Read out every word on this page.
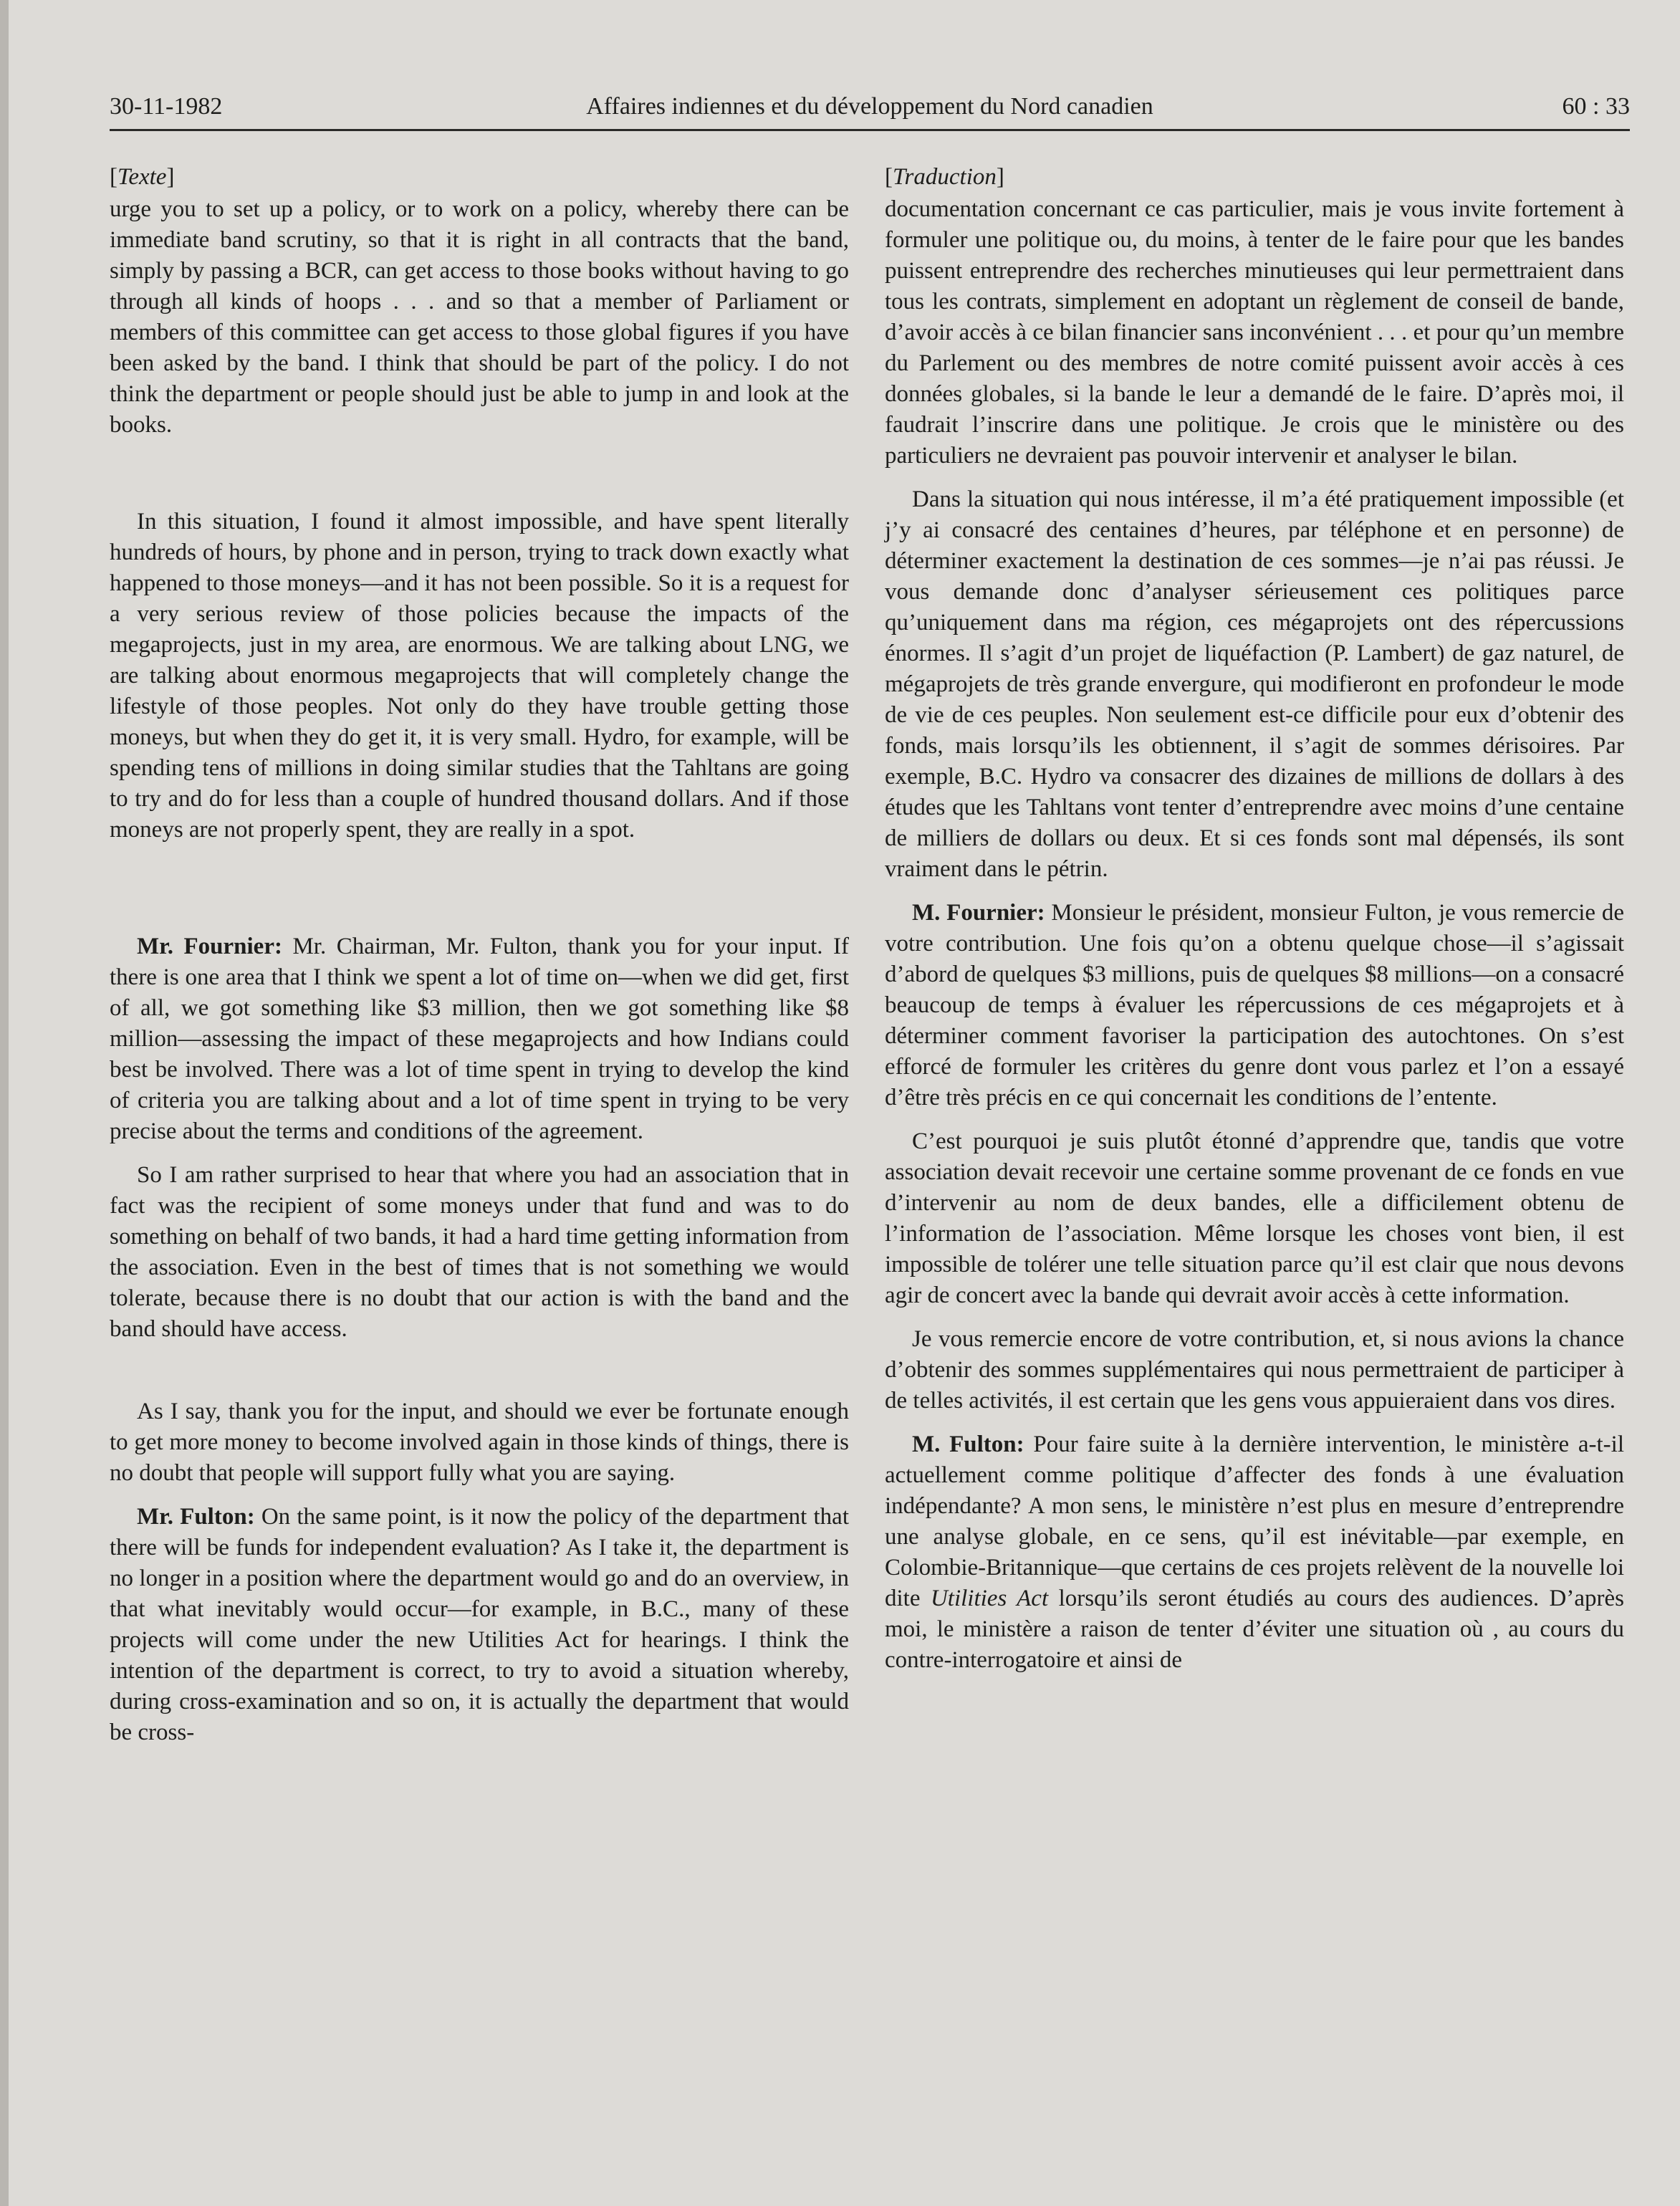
30-11-1982	Affaires indiennes et du développement du Nord canadien	60 : 33
[Texte]

urge you to set up a policy, or to work on a policy, whereby there can be immediate band scrutiny, so that it is right in all contracts that the band, simply by passing a BCR, can get access to those books without having to go through all kinds of hoops . . . and so that a member of Parliament or members of this committee can get access to those global figures if you have been asked by the band. I think that should be part of the policy. I do not think the department or people should just be able to jump in and look at the books.

In this situation, I found it almost impossible, and have spent literally hundreds of hours, by phone and in person, trying to track down exactly what happened to those moneys—and it has not been possible. So it is a request for a very serious review of those policies because the impacts of the megaprojects, just in my area, are enormous. We are talking about LNG, we are talking about enormous megaprojects that will completely change the lifestyle of those peoples. Not only do they have trouble getting those moneys, but when they do get it, it is very small. Hydro, for example, will be spending tens of millions in doing similar studies that the Tahltans are going to try and do for less than a couple of hundred thousand dollars. And if those moneys are not properly spent, they are really in a spot.

Mr. Fournier: Mr. Chairman, Mr. Fulton, thank you for your input. If there is one area that I think we spent a lot of time on—when we did get, first of all, we got something like $3 million, then we got something like $8 million—assessing the impact of these megaprojects and how Indians could best be involved. There was a lot of time spent in trying to develop the kind of criteria you are talking about and a lot of time spent in trying to be very precise about the terms and conditions of the agreement.

So I am rather surprised to hear that where you had an association that in fact was the recipient of some moneys under that fund and was to do something on behalf of two bands, it had a hard time getting information from the association. Even in the best of times that is not something we would tolerate, because there is no doubt that our action is with the band and the band should have access.

As I say, thank you for the input, and should we ever be fortunate enough to get more money to become involved again in those kinds of things, there is no doubt that people will support fully what you are saying.

Mr. Fulton: On the same point, is it now the policy of the department that there will be funds for independent evaluation? As I take it, the department is no longer in a position where the department would go and do an overview, in that what inevitably would occur—for example, in B.C., many of these projects will come under the new Utilities Act for hearings. I think the intention of the department is correct, to try to avoid a situation whereby, during cross-examination and so on, it is actually the department that would be cross-

[Traduction]

documentation concernant ce cas particulier, mais je vous invite fortement à formuler une politique ou, du moins, à tenter de le faire pour que les bandes puissent entreprendre des recherches minutieuses qui leur permettraient dans tous les contrats, simplement en adoptant un règlement de conseil de bande, d’avoir accès à ce bilan financier sans inconvénient . . . et pour qu’un membre du Parlement ou des membres de notre comité puissent avoir accès à ces données globales, si la bande le leur a demandé de le faire. D’après moi, il faudrait l’inscrire dans une politique. Je crois que le ministère ou des particuliers ne devraient pas pouvoir intervenir et analyser le bilan.

Dans la situation qui nous intéresse, il m’a été pratiquement impossible (et j’y ai consacré des centaines d’heures, par téléphone et en personne) de déterminer exactement la destination de ces sommes—je n’ai pas réussi. Je vous demande donc d’analyser sérieusement ces politiques parce qu’uniquement dans ma région, ces mégaprojets ont des répercussions énormes. Il s’agit d’un projet de liquéfaction (P. Lambert) de gaz naturel, de mégaprojets de très grande envergure, qui modifieront en profondeur le mode de vie de ces peuples. Non seulement est-ce difficile pour eux d’obtenir des fonds, mais lorsqu’ils les obtiennent, il s’agit de sommes dérisoires. Par exemple, B.C. Hydro va consacrer des dizaines de millions de dollars à des études que les Tahltans vont tenter d’entreprendre avec moins d’une centaine de milliers de dollars ou deux. Et si ces fonds sont mal dépensés, ils sont vraiment dans le pétrin.

M. Fournier: Monsieur le président, monsieur Fulton, je vous remercie de votre contribution. Une fois qu’on a obtenu quelque chose—il s’agissait d’abord de quelques $3 millions, puis de quelques $8 millions—on a consacré beaucoup de temps à évaluer les répercussions de ces mégaprojets et à déterminer comment favoriser la participation des autochtones. On s’est efforcé de formuler les critères du genre dont vous parlez et l’on a essayé d’être très précis en ce qui concernait les conditions de l’entente.

C’est pourquoi je suis plutôt étonné d’apprendre que, tandis que votre association devait recevoir une certaine somme provenant de ce fonds en vue d’intervenir au nom de deux bandes, elle a difficilement obtenu de l’information de l’association. Même lorsque les choses vont bien, il est impossible de tolérer une telle situation parce qu’il est clair que nous devons agir de concert avec la bande qui devrait avoir accès à cette information.

Je vous remercie encore de votre contribution, et, si nous avions la chance d’obtenir des sommes supplémentaires qui nous permettraient de participer à de telles activités, il est certain que les gens vous appuieraient dans vos dires.

M. Fulton: Pour faire suite à la dernière intervention, le ministère a-t-il actuellement comme politique d’affecter des fonds à une évaluation indépendante? A mon sens, le ministère n’est plus en mesure d’entreprendre une analyse globale, en ce sens, qu’il est inévitable—par exemple, en Colombie-Britannique—que certains de ces projets relèvent de la nouvelle loi dite Utilities Act lorsqu’ils seront étudiés au cours des audiences. D’après moi, le ministère a raison de tenter d’éviter une situation où , au cours du contre-interrogatoire et ainsi de
